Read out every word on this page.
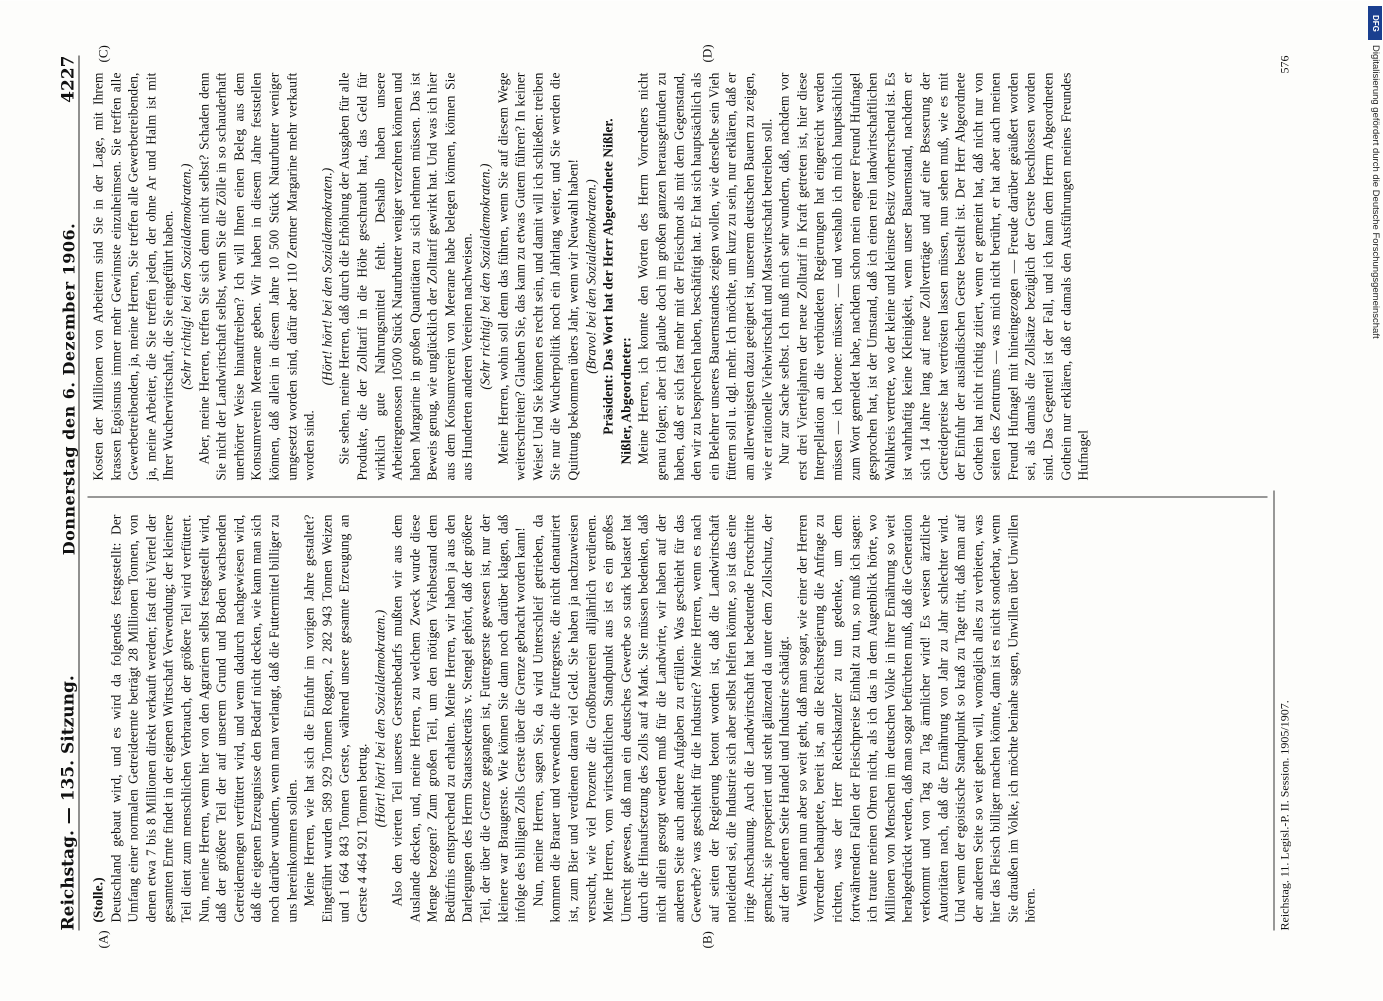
Reichstag. — 135. Sitzung.
Donnerstag den 6. Dezember 1906.
4227
(A)	(B)
(C)	(D)

(Stolle.) Deutschland gebaut wird, und es wird da folgendes festgestellt: Der Umfang einer normalen Getreideernte beträgt 28 Millionen Tonnen, von denen etwa 7 bis 8 Millionen direkt verkauft werden; fast drei Viertel der gesamten Ernte findet in der eigenen Wirtschaft Verwendung; der kleinere Teil dient zum menschlichen Verbrauch, der größere Teil wird verfüttert. Nun, meine Herren, wenn hier von den Agrariern selbst festgestellt wird, daß der größere Teil der auf unserem Grund und Boden wachsenden Getreidemengen verfüttert wird, und wenn dadurch nachgewiesen wird, daß die eigenen Erzeugnisse den Bedarf nicht decken, wie kann man sich noch darüber wundern, wenn man verlangt, daß die Futtermittel billiger zu uns hereinkommen sollen. Meine Herren, wie hat sich die Einfuhr im vorigen Jahre gestaltet? Eingeführt wurden 589 929 Tonnen Roggen, 2 282 943 Tonnen Weizen und 1 664 843 Tonnen Gerste, während unsere gesamte Erzeugung an Gerste 4 464 921 Tonnen betrug.

(Hört! hört! bei den Sozialdemokraten.) Also den vierten Teil unseres Gerstenbedarfs mußten wir aus dem Auslande decken, und, meine Herren, zu welchem Zweck wurde diese Menge bezogen? Zum großen Teil, um den nötigen Viehbestand dem Bedürfnis entsprechend zu erhalten. Meine Herren, wir haben ja aus den Darlegungen des Herrn Staatssekretärs v. Stengel gehört, daß der größere Teil, der über die Grenze gegangen ist, Futtergerste gewesen ist, nur der kleinere war Braugerste. Wie können Sie dann noch darüber klagen, daß infolge des billigen Zolls Gerste über die Grenze gebracht worden kann! Nun, meine Herren, sagen Sie, da wird Unterschleif getrieben, da kommen die Brauer und verwenden die Futtergerste, die nicht denaturiert ist, zum Bier und verdienen daran viel Geld. Sie haben ja nachzuweisen versucht, wie viel Prozente die Großbrauereien alljährlich verdienen. Meine Herren, vom wirtschaftlichen Standpunkt aus ist es ein großes Unrecht gewesen, daß man ein deutsches Gewerbe so stark belastet hat durch die Hinaufsetzung des Zolls auf 4 Mark. Sie müssen bedenken, daß nicht allein gesorgt werden muß für die Landwirte, wir haben auf der anderen Seite auch andere Aufgaben zu erfüllen. Was geschieht für das Gewerbe? was geschieht für die Industrie? Meine Herren, wenn es nach auf seiten der Regierung betont worden ist, daß die Landwirtschaft notleidend sei, die Industrie sich aber selbst helfen könnte, so ist das eine irrige Anschauung. Auch die Landwirtschaft hat bedeutende Fortschritte gemacht; sie prosperiert und steht glänzend da unter dem Zollschutz, der auf der anderen Seite Handel und Industrie schädigt. Wenn man nun aber so weit geht, daß man sogar, wie einer der Herren Vorredner behauptete, bereit ist, an die Reichsregierung die Anfrage zu richten, was der Herr Reichskanzler zu tun gedenke, um dem fortwährenden Fallen der Fleischpreise Einhalt zu tun, so muß ich sagen: ich traute meinen Ohren nicht, als ich das in dem Augenblick hörte, wo Millionen von Menschen im deutschen Volke in ihrer Ernährung so weit herabgedrückt werden, daß man sogar befürchten muß, daß die Generation verkommt und von Tag zu Tag ärmlicher wird! Es weisen ärztliche Autoritäten nach, daß die Ernährung von Jahr zu Jahr schlechter wird. Und wenn der egoistische Standpunkt so kraß zu Tage tritt, daß man auf der anderen Seite so weit gehen will, womöglich alles zu verbieten, was hier das Fleisch billiger machen könnte, dann ist es nicht sonderbar, wenn Sie draußen im Volke, ich möchte beinahe sagen, Unwillen über Unwillen hören.

Kosten der Millionen von Arbeitern sind Sie in der Lage, mit Ihrem krassen Egoismus immer mehr Gewinnste einzuheimsen. Sie treffen alle Gewerbetreibenden, ja, meine Herren, Sie treffen alle Gewerbetreibenden, ja, meine Arbeiter, die Sie treffen jeden, der ohne Ar und Halm ist mit Ihrer Wucherwirtschaft, die Sie eingeführt haben. (Sehr richtig! bei den Sozialdemokraten.) Aber, meine Herren, treffen Sie sich denn nicht selbst? Schaden denn Sie nicht der Landwirtschaft selbst, wenn Sie die Zölle in so schauderhaft unerhörter Weise hinauftreiben? Ich will Ihnen einen Beleg aus dem Konsumverein Meerane geben. Wir haben in diesem Jahre feststellen können, daß allein in diesem Jahre 10 500 Stück Naturbutter weniger umgesetzt worden sind, dafür aber 110 Zentner Margarine mehr verkauft worden sind.

(Hört! hört! bei den Sozialdemokraten.) Sie sehen, meine Herren, daß durch die Erhöhung der Ausgaben für alle Produkte, die der Zolltarif in die Höhe geschraubt hat, das Geld für wirklich gute Nahrungsmittel fehlt. Deshalb haben unsere Arbeitergenossen 10500 Stück Naturbutter weniger verzehren können und haben Margarine in großen Quantitäten zu sich nehmen müssen. Das ist Beweis genug, wie unglücklich der Zolltarif gewirkt hat. Und was ich hier aus dem Konsumverein von Meerane habe belegen können, können Sie aus Hunderten anderen Vereinen nachweisen. (Sehr richtig! bei den Sozialdemokraten.) Meine Herren, wohin soll denn das führen, wenn Sie auf diesem Wege weiterschreiten? Glauben Sie, das kann zu etwas Gutem führen? In keiner Weise! Und Sie können es recht sein, und damit will ich schließen: treiben Sie nur die Wucherpolitik noch ein Jahrlang weiter, und Sie werden die Quittung bekommen übers Jahr, wenn wir Neuwahl haben! (Bravo! bei den Sozialdemokraten.) Präsident: Das Wort hat der Herr Abgeordnete Nißler. Nißler, Abgeordneter: Meine Herren, ich konnte den Worten des Herrn Vorredners nicht genau folgen; aber ich glaube doch im großen ganzen herausgefunden zu haben, daß er sich fast mehr mit der Fleischnot als mit dem Gegenstand, den wir zu besprechen haben, beschäftigt hat. Er hat sich hauptsächlich als ein Belehrer unseres Bauernstandes zeigen wollen, wie derselbe sein Vieh füttern soll u. dgl. mehr. Ich möchte, um kurz zu sein, nur erklären, daß er am allerwenigsten dazu geeignet ist, unserem deutschen Bauern zu zeigen, wie er rationelle Viehwirtschaft und Mastwirtschaft betreiben soll. Nur zur Sache selbst. Ich muß mich sehr wundern, daß, nachdem vor erst drei Vierteljahren der neue Zolltarif in Kraft getreten ist, hier diese Interpellation an die verbündeten Regierungen hat eingereicht werden müssen — ich betone: müssen; — und weshalb ich mich hauptsächlich zum Wort gemeldet habe, nachdem schon mein engerer Freund Hufnagel gesprochen hat, ist der Umstand, daß ich einen rein landwirtschaftlichen Wahlkreis vertrete, wo der kleine und kleinste Besitz vorherrschend ist. Es ist wahrhaftig keine Kleinigkeit, wenn unser Bauernstand, nachdem er sich 14 Jahre lang auf neue Zollverträge und auf eine Besserung der Getreidepreise hat vertrösten lassen müssen, nun sehen muß, wie es mit der Einfuhr der ausländischen Gerste bestellt ist. Der Herr Abgeordnete Gothein hat nicht richtig zitiert, wenn er gemeint hat, daß nicht nur von seiten des Zentrums — was mich nicht berührt, er hat aber auch meinen Freund Hufnagel mit hineingezogen — Freude darüber geäußert worden sei, als damals die Zollsätze bezüglich der Gerste beschlossen worden sind. Das Gegenteil ist der Fall, und ich kann dem Herrn Abgeordneten Gothein nur erklären, daß er damals den Ausführungen meines Freundes Hufnagel

Reichstag. 11. Legisl.-P. II. Session. 1905/1907.
576
DFG
Digitalisierung gefördert durch die Deutsche Forschungsgemeinschaft
